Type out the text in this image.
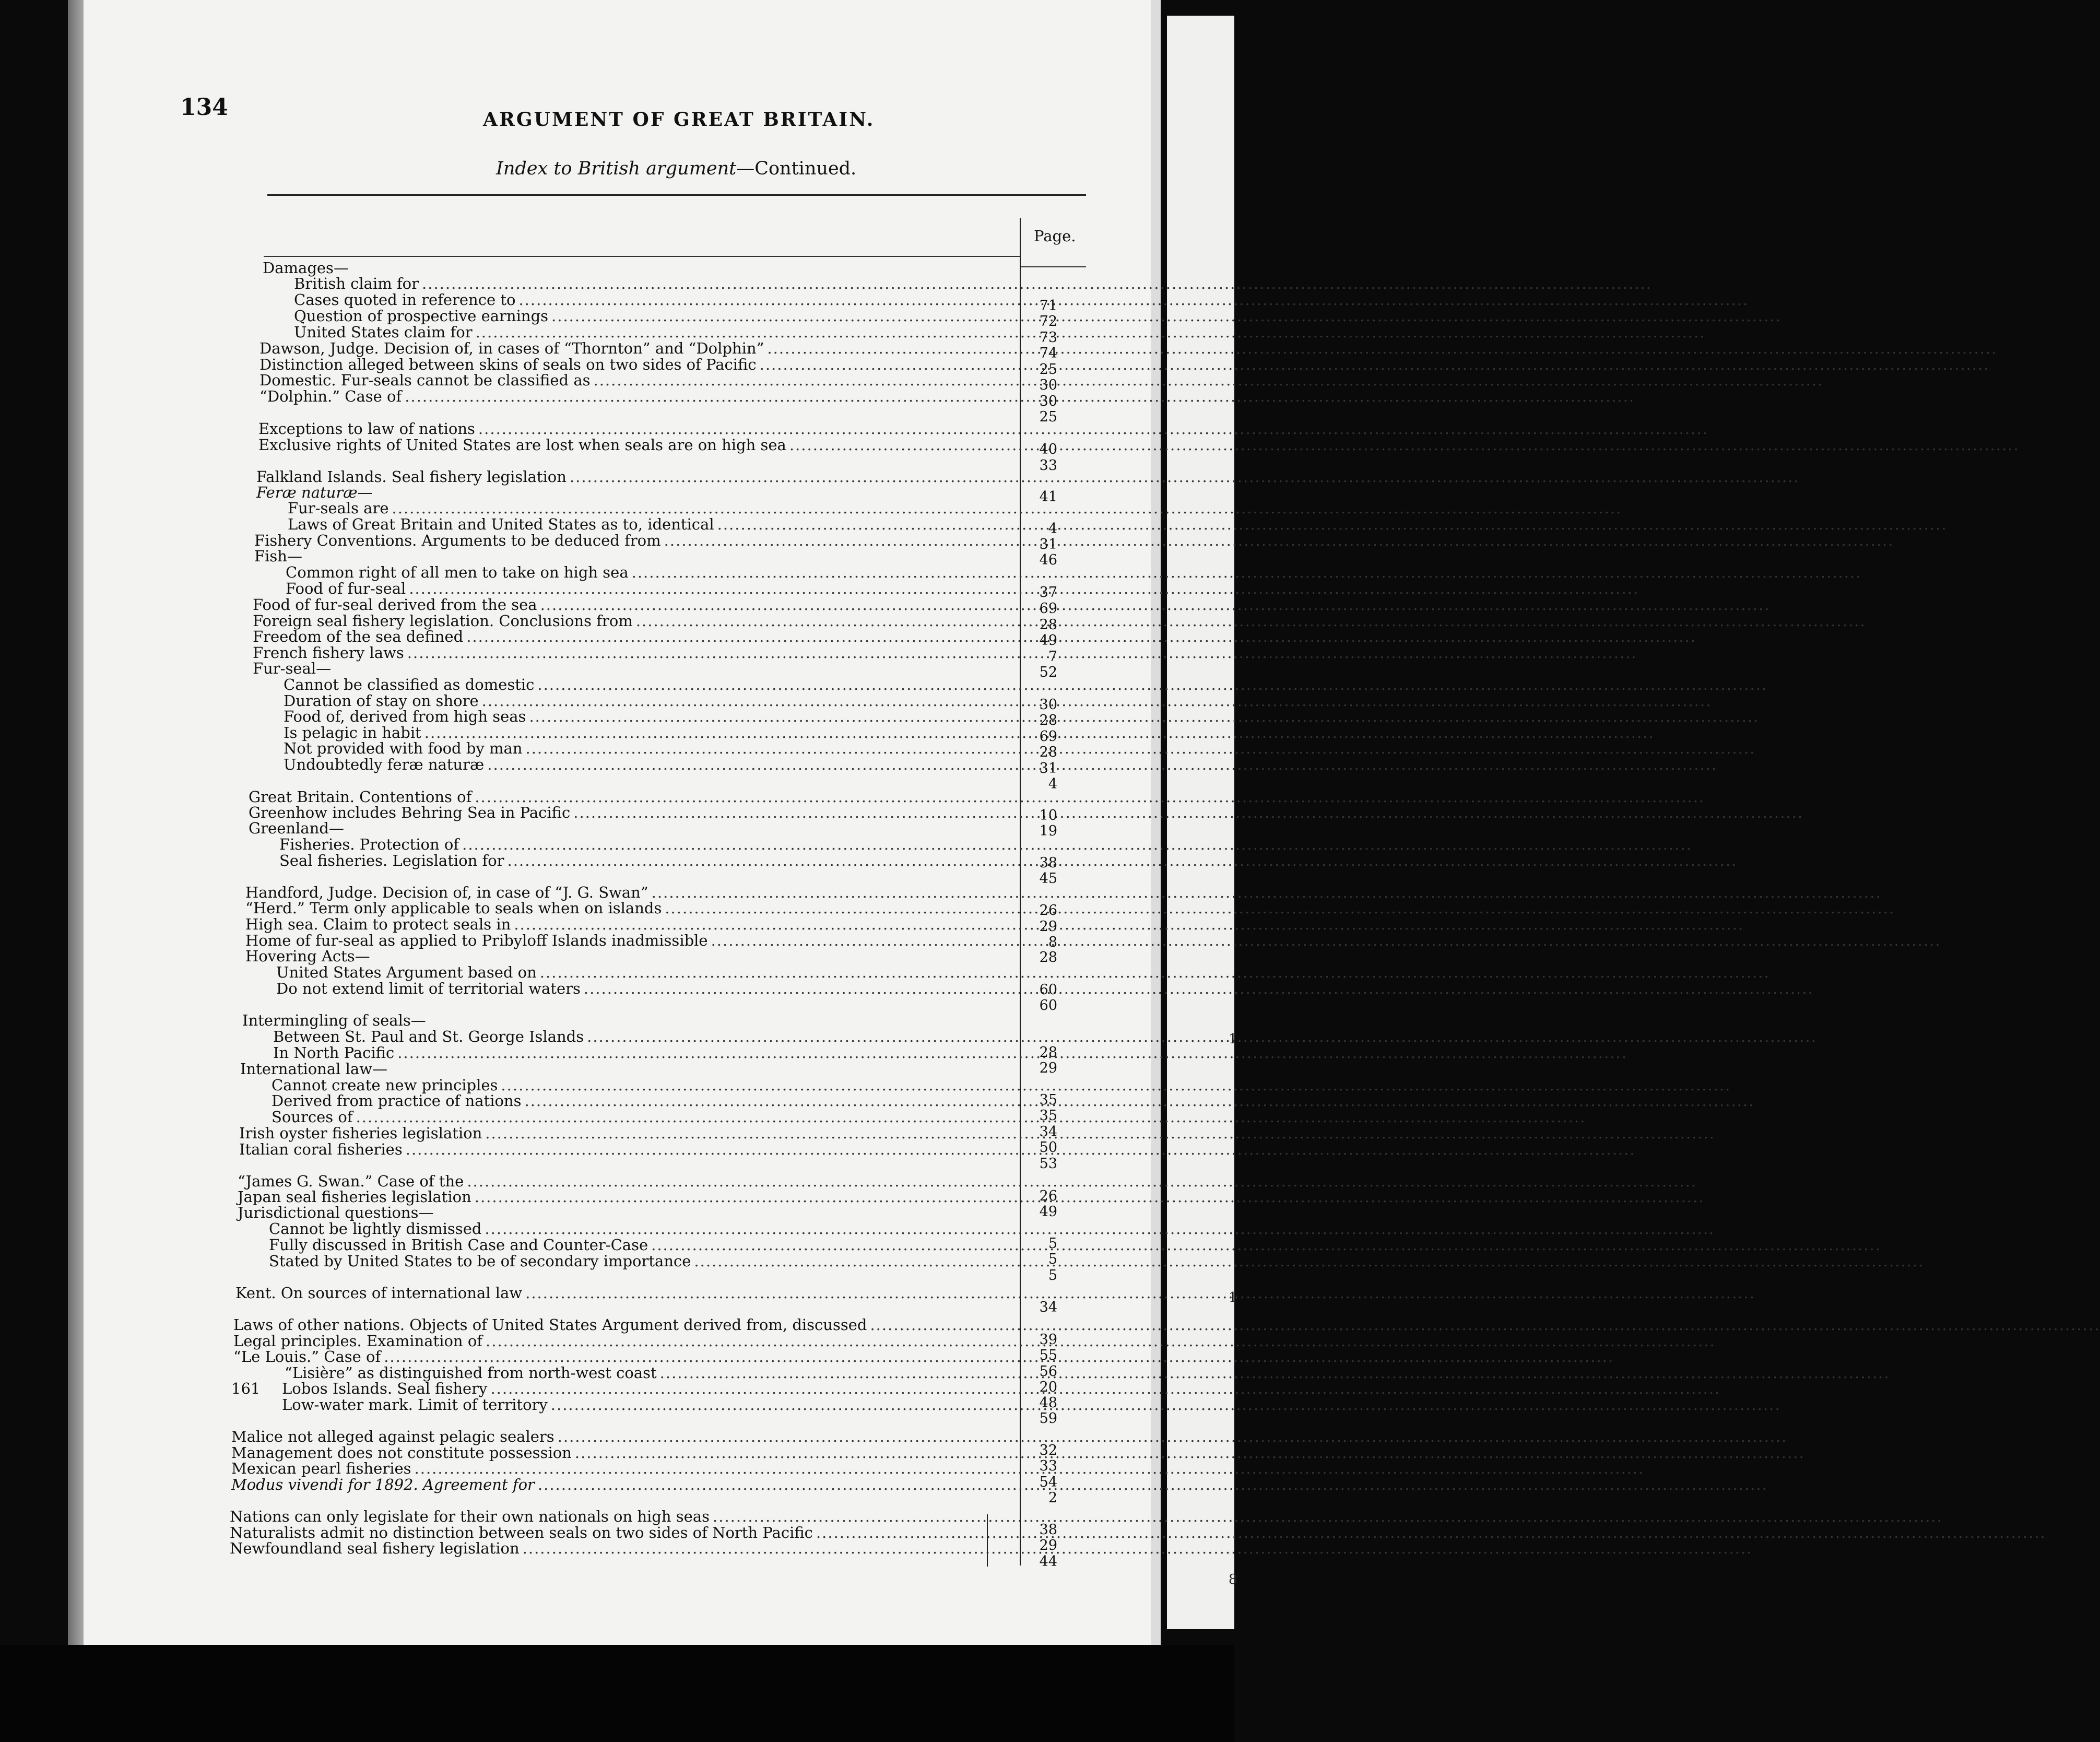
1
1
8
134	ARGUMENT OF GREAT BRITAIN.
Index to British argument—Continued.
Page.
Damages—
British claim for
.....
Cases quoted in reference to
.....
Question of prospective earnings
.....
United States claim for
.....
Dawson, Judge. Decision of, in cases of “Thornton” and “Dolphin”
.....
Distinction alleged between skins of seals on two sides of Pacific
.....
Domestic. Fur-seals cannot be classified as
.....
“Dolphin.” Case of
.....
Exceptions to law of nations
.....
Exclusive rights of United States are lost when seals are on high sea
.....
Falkland Islands. Seal fishery legislation
.....
Feræ naturæ—
Fur-seals are
.....
Laws of Great Britain and United States as to, identical
.....
Fishery Conventions. Arguments to be deduced from
.....
Fish—
Common right of all men to take on high sea
.....
Food of fur-seal
.....
Food of fur-seal derived from the sea
.....
Foreign seal fishery legislation. Conclusions from
.....
Freedom of the sea defined
.....
French fishery laws
.....
Fur-seal—
Cannot be classified as domestic
.....
Duration of stay on shore
.....
Food of, derived from high seas
.....
Is pelagic in habit
.....
Not provided with food by man
.....
Undoubtedly feræ naturæ
.....
Great Britain. Contentions of
.....
Greenhow includes Behring Sea in Pacific
.....
Greenland—
Fisheries. Protection of
.....
Seal fisheries. Legislation for
.....
Handford, Judge. Decision of, in case of “J. G. Swan”
.....
“Herd.” Term only applicable to seals when on islands
.....
High sea. Claim to protect seals in
.....
Home of fur-seal as applied to Pribyloff Islands inadmissible
.....
Hovering Acts—
United States Argument based on
.....
Do not extend limit of territorial waters
.....
Intermingling of seals—
Between St. Paul and St. George Islands
.....
In North Pacific
.....
International law—
Cannot create new principles
.....
Derived from practice of nations
.....
Sources of
.....
Irish oyster fisheries legislation
.....
Italian coral fisheries
.....
“James G. Swan.” Case of the
.....
Japan seal fisheries legislation
.....
Jurisdictional questions—
Cannot be lightly dismissed
.....
Fully discussed in British Case and Counter-Case
.....
Stated by United States to be of secondary importance
.....
Kent. On sources of international law
.....
Laws of other nations. Objects of United States Argument derived from, discussed
.....
Legal principles. Examination of
.....
“Le Louis.” Case of
.....
“Lisière” as distinguished from north-west coast
.....
161 Lobos Islands. Seal fishery
.....
Low-water mark. Limit of territory
.....
Malice not alleged against pelagic sealers
.....
Management does not constitute possession
.....
Mexican pearl fisheries
.....
Modus vivendi for 1892. Agreement for
.....
Nations can only legislate for their own nationals on high seas
.....
Naturalists admit no distinction between seals on two sides of North Pacific
.....
Newfoundland seal fishery legislation
.....
71
72
73
74
25
30
30
25
40
33
41
4
31
46
37
69
28
49
7
52
30
28
69
28
31
4
10
19
38
45
26
29
8
28
60
60
28
29
35
35
34
50
53
26
49
5
5
5
34
39
55
56
20
48
59
32
33
54
2
38
29
44
